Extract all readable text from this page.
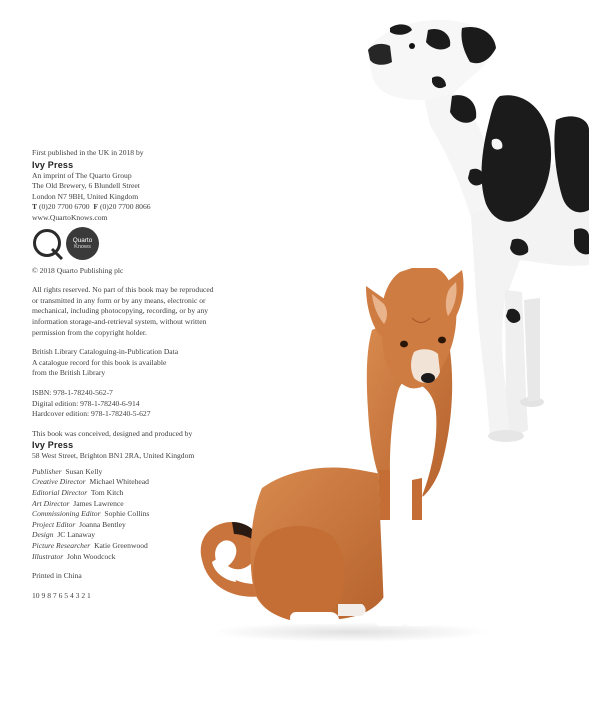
First published in the UK in 2018 by

Ivy Press

An imprint of The Quarto Group

The Old Brewery, 6 Blundell Street

London N7 9BH, United Kingdom

T (0)20 7700 6700 F (0)20 7700 8066

www.QuartoKnows.com

Quarto
Knows

© 2018 Quarto Publishing plc

All rights reserved. No part of this book may be reproduced

or transmitted in any form or by any means, electronic or

mechanical, including photocopying, recording, or by any

information storage-and-retrieval system, without written

permission from the copyright holder.

British Library Cataloguing-in-Publication Data

A catalogue record for this book is available

from the British Library

ISBN: 978-1-78240-562-7

Digital edition: 978-1-78240-6-914

Hardcover edition: 978-1-78240-5-627

This book was conceived, designed and produced by

Ivy Press

58 West Street, Brighton BN1 2RA, United Kingdom

Publisher Susan Kelly

Creative Director Michael Whitehead

Editorial Director Tom Kitch

Art Director James Lawrence

Commissioning Editor Sophie Collins

Project Editor Joanna Bentley

Design JC Lanaway

Picture Researcher Katie Greenwood

Illustrator John Woodcock

Printed in China

10 9 8 7 6 5 4 3 2 1
